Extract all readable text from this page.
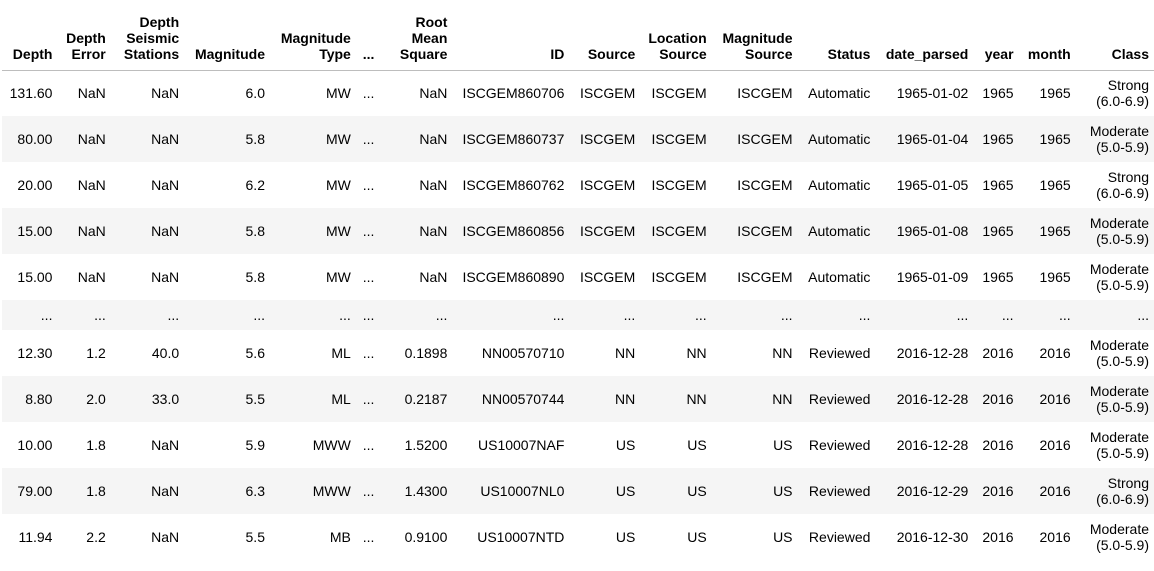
Depth	Depth Error	Depth Seismic Stations	Magnitude	Magnitude Type	...	Root Mean Square	ID	Source	Location Source	Magnitude Source	Status	date_parsed	year	month	Class
131.60	NaN	NaN	6.0	MW	...	NaN	ISCGEM860706	ISCGEM	ISCGEM	ISCGEM	Automatic	1965-01-02	1965	1965	Strong (6.0-6.9)
80.00	NaN	NaN	5.8	MW	...	NaN	ISCGEM860737	ISCGEM	ISCGEM	ISCGEM	Automatic	1965-01-04	1965	1965	Moderate (5.0-5.9)
20.00	NaN	NaN	6.2	MW	...	NaN	ISCGEM860762	ISCGEM	ISCGEM	ISCGEM	Automatic	1965-01-05	1965	1965	Strong (6.0-6.9)
15.00	NaN	NaN	5.8	MW	...	NaN	ISCGEM860856	ISCGEM	ISCGEM	ISCGEM	Automatic	1965-01-08	1965	1965	Moderate (5.0-5.9)
15.00	NaN	NaN	5.8	MW	...	NaN	ISCGEM860890	ISCGEM	ISCGEM	ISCGEM	Automatic	1965-01-09	1965	1965	Moderate (5.0-5.9)
...	...	...	...	...	...	...	...	...	...	...	...	...	...	...	...
12.30	1.2	40.0	5.6	ML	...	0.1898	NN00570710	NN	NN	NN	Reviewed	2016-12-28	2016	2016	Moderate (5.0-5.9)
8.80	2.0	33.0	5.5	ML	...	0.2187	NN00570744	NN	NN	NN	Reviewed	2016-12-28	2016	2016	Moderate (5.0-5.9)
10.00	1.8	NaN	5.9	MWW	...	1.5200	US10007NAF	US	US	US	Reviewed	2016-12-28	2016	2016	Moderate (5.0-5.9)
79.00	1.8	NaN	6.3	MWW	...	1.4300	US10007NL0	US	US	US	Reviewed	2016-12-29	2016	2016	Strong (6.0-6.9)
11.94	2.2	NaN	5.5	MB	...	0.9100	US10007NTD	US	US	US	Reviewed	2016-12-30	2016	2016	Moderate (5.0-5.9)
